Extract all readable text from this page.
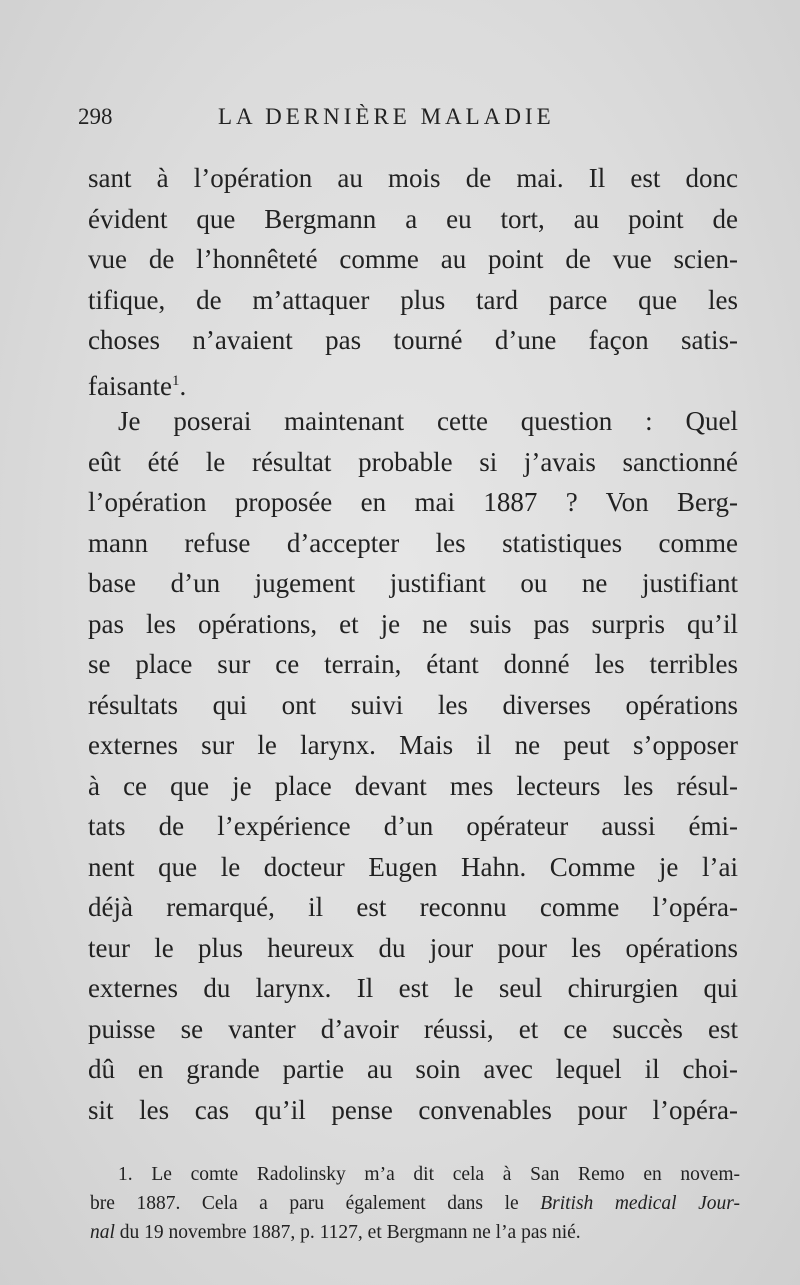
298	LA DERNIÈRE MALADIE
sant à l’opération au mois de mai. Il est donc
évident que Bergmann a eu tort, au point de
vue de l’honnêteté comme au point de vue scien-
tifique, de m’attaquer plus tard parce que les
choses n’avaient pas tourné d’une façon satis-
faisante$^1$.
Je poserai maintenant cette question : Quel
eût été le résultat probable si j’avais sanctionné
l’opération proposée en mai 1887 ? Von Berg-
mann refuse d’accepter les statistiques comme
base d’un jugement justifiant ou ne justifiant
pas les opérations, et je ne suis pas surpris qu’il
se place sur ce terrain, étant donné les terribles
résultats qui ont suivi les diverses opérations
externes sur le larynx. Mais il ne peut s’opposer
à ce que je place devant mes lecteurs les résul-
tats de l’expérience d’un opérateur aussi émi-
nent que le docteur Eugen Hahn. Comme je l’ai
déjà remarqué, il est reconnu comme l’opéra-
teur le plus heureux du jour pour les opérations
externes du larynx. Il est le seul chirurgien qui
puisse se vanter d’avoir réussi, et ce succès est
dû en grande partie au soin avec lequel il choi-
sit les cas qu’il pense convenables pour l’opéra-
1. Le comte Radolinsky m’a dit cela à San Remo en novem-
bre 1887. Cela a paru également dans le British medical Jour-
nal du 19 novembre 1887, p. 1127, et Bergmann ne l’a pas nié.
